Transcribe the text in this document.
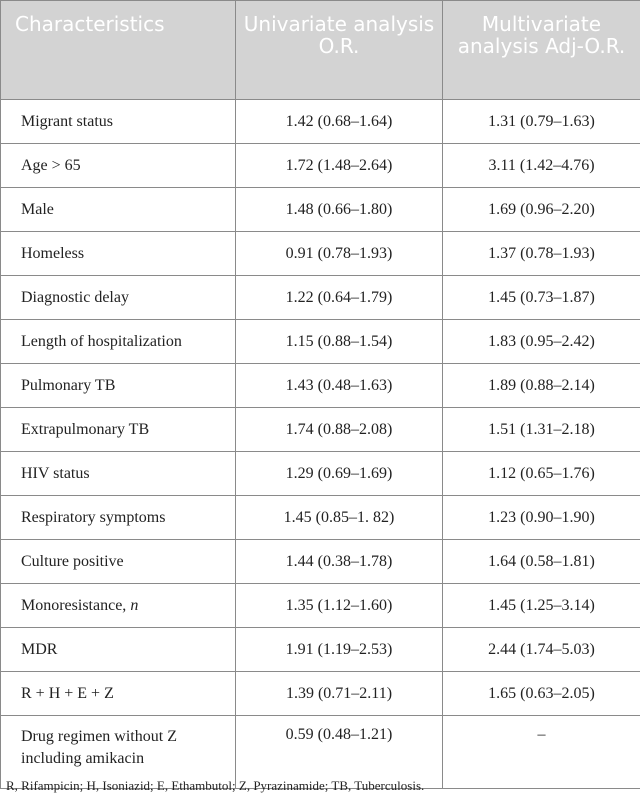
Characteristics	Univariate analysis O.R.	Multivariate analysis Adj-O.R.

Migrant status	1.42 (0.68–1.64)	1.31 (0.79–1.63)
Age > 65	1.72 (1.48–2.64)	3.11 (1.42–4.76)
Male	1.48 (0.66–1.80)	1.69 (0.96–2.20)
Homeless	0.91 (0.78–1.93)	1.37 (0.78–1.93)
Diagnostic delay	1.22 (0.64–1.79)	1.45 (0.73–1.87)
Length of hospitalization	1.15 (0.88–1.54)	1.83 (0.95–2.42)
Pulmonary TB	1.43 (0.48–1.63)	1.89 (0.88–2.14)
Extrapulmonary TB	1.74 (0.88–2.08)	1.51 (1.31–2.18)
HIV status	1.29 (0.69–1.69)	1.12 (0.65–1.76)
Respiratory symptoms	1.45 (0.85–1. 82)	1.23 (0.90–1.90)
Culture positive	1.44 (0.38–1.78)	1.64 (0.58–1.81)
Monoresistance, n	1.35 (1.12–1.60)	1.45 (1.25–3.14)
MDR	1.91 (1.19–2.53)	2.44 (1.74–5.03)
R + H + E + Z	1.39 (0.71–2.11)	1.65 (0.63–2.05)
Drug regimen without Z including amikacin	0.59 (0.48–1.21)	–
R, Rifampicin; H, Isoniazid; E, Ethambutol; Z, Pyrazinamide; TB, Tuberculosis.
